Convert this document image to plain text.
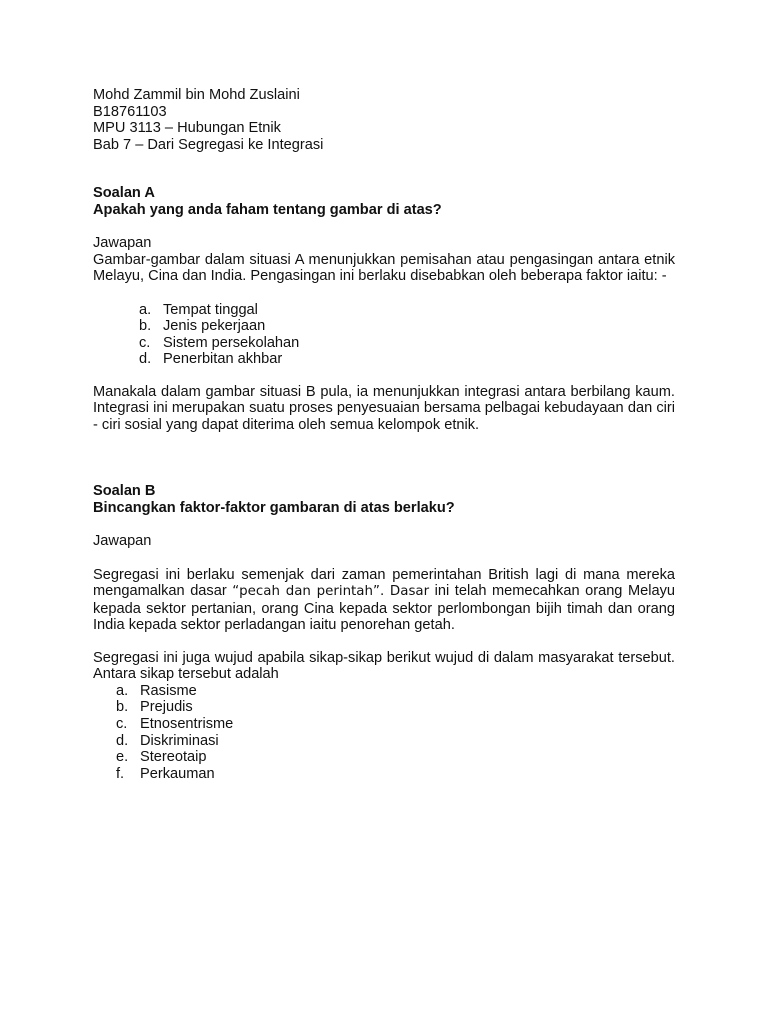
Mohd Zammil bin Mohd Zuslaini
B18761103
MPU 3113 – Hubungan Etnik
Bab 7 – Dari Segregasi ke Integrasi
Soalan A
Apakah yang anda faham tentang gambar di atas?
Jawapan

Gambar-gambar dalam situasi A menunjukkan pemisahan atau pengasingan antara etnik Melayu, Cina dan India. Pengasingan ini berlaku disebabkan oleh beberapa faktor iaitu: -

a. Tempat tinggal
b. Jenis pekerjaan
c. Sistem persekolahan
d. Penerbitan akhbar

Manakala dalam gambar situasi B pula, ia menunjukkan integrasi antara berbilang kaum. Integrasi ini merupakan suatu proses penyesuaian bersama pelbagai kebudayaan dan ciri - ciri sosial yang dapat diterima oleh semua kelompok etnik.

Soalan B
Bincangkan faktor-faktor gambaran di atas berlaku?
Jawapan

Segregasi ini berlaku semenjak dari zaman pemerintahan British lagi di mana mereka mengamalkan dasar “pecah dan perintah”. Dasar ini telah memecahkan orang Melayu kepada sektor pertanian, orang Cina kepada sektor perlombongan bijih timah dan orang India kepada sektor perladangan iaitu penorehan getah.

Segregasi ini juga wujud apabila sikap-sikap berikut wujud di dalam masyarakat tersebut. Antara sikap tersebut adalah

a. Rasisme
b. Prejudis
c. Etnosentrisme
d. Diskriminasi
e. Stereotaip
f. Perkauman
